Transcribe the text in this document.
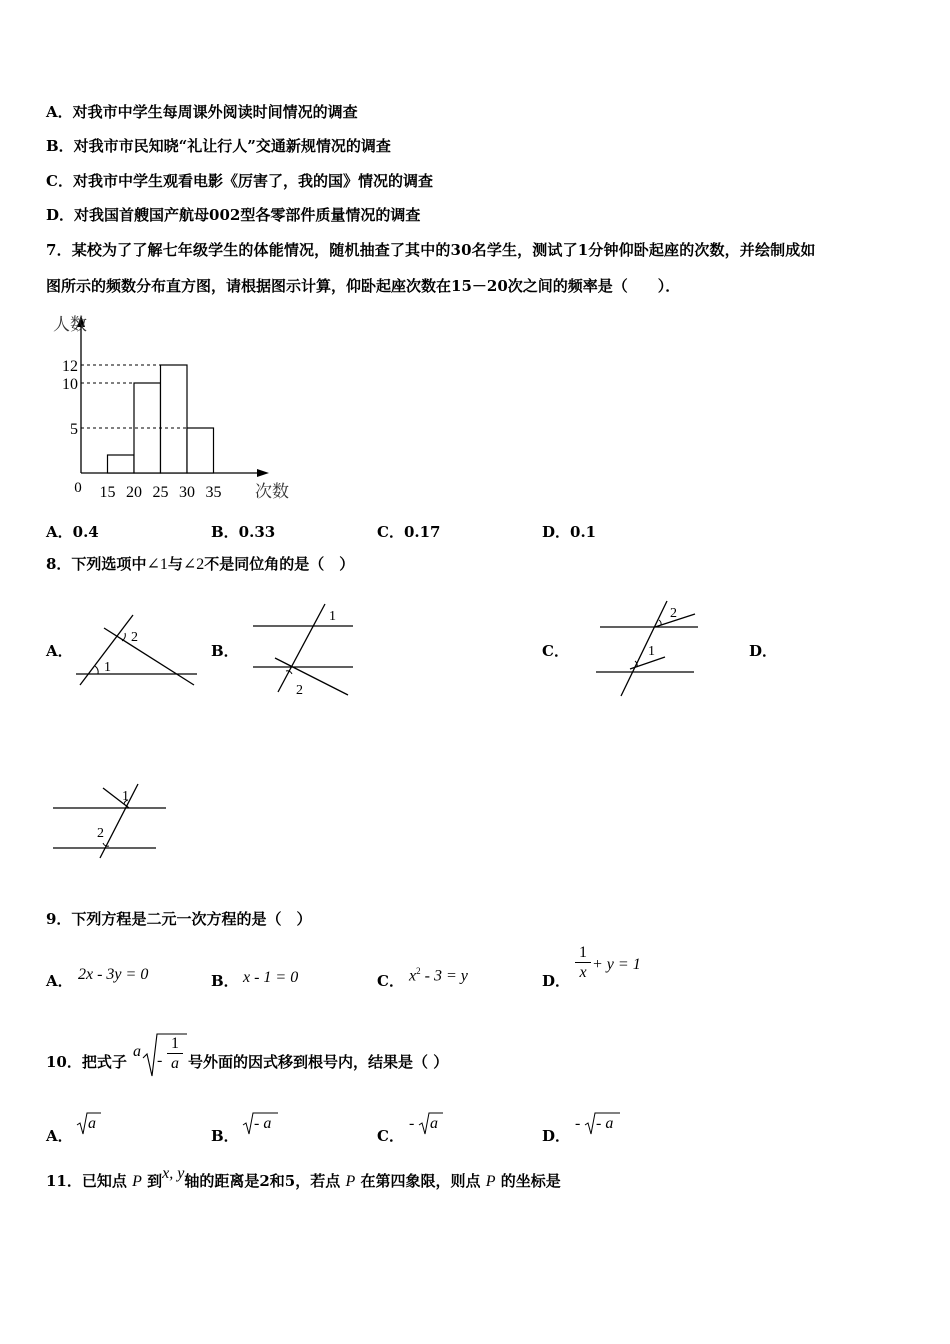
A．对我市中学生每周课外阅读时间情况的调查
B．对我市市民知晓“礼让行人”交通新规情况的调查
C．对我市中学生观看电影《厉害了，我的国》情况的调查
D．对我国首艘国产航母002型各零部件质量情况的调查
7．某校为了了解七年级学生的体能情况，随机抽查了其中的30名学生，测试了1分钟仰卧起座的次数，并绘制成如
图所示的频数分布直方图，请根据图示计算，仰卧起座次数在15－20次之间的频率是（　　）．
5
10
12
15 20 25 30 35
0
人数
次数
A．0.4	B．0.33	C．0.17	D．0.1
8．下列选项中∠1与∠2不是同位角的是（　）
A．	B．	C．	D．
1
2
1
2
2
1
1
2
9．下列方程是二元一次方程的是（　）
A． 2x - 3y = 0	B． x - 1 = 0	C． $x^2 - 3 = y$	D．
1
x + y = 1
10．把式子
a
-
1
a 号外面的因式移到根号内，结果是（ ）
A．
a
B．
- a
C．
- a
D．
- - a
11．已知点 P 到x, y轴的距离是2和5，若点 P 在第四象限，则点 P 的坐标是
